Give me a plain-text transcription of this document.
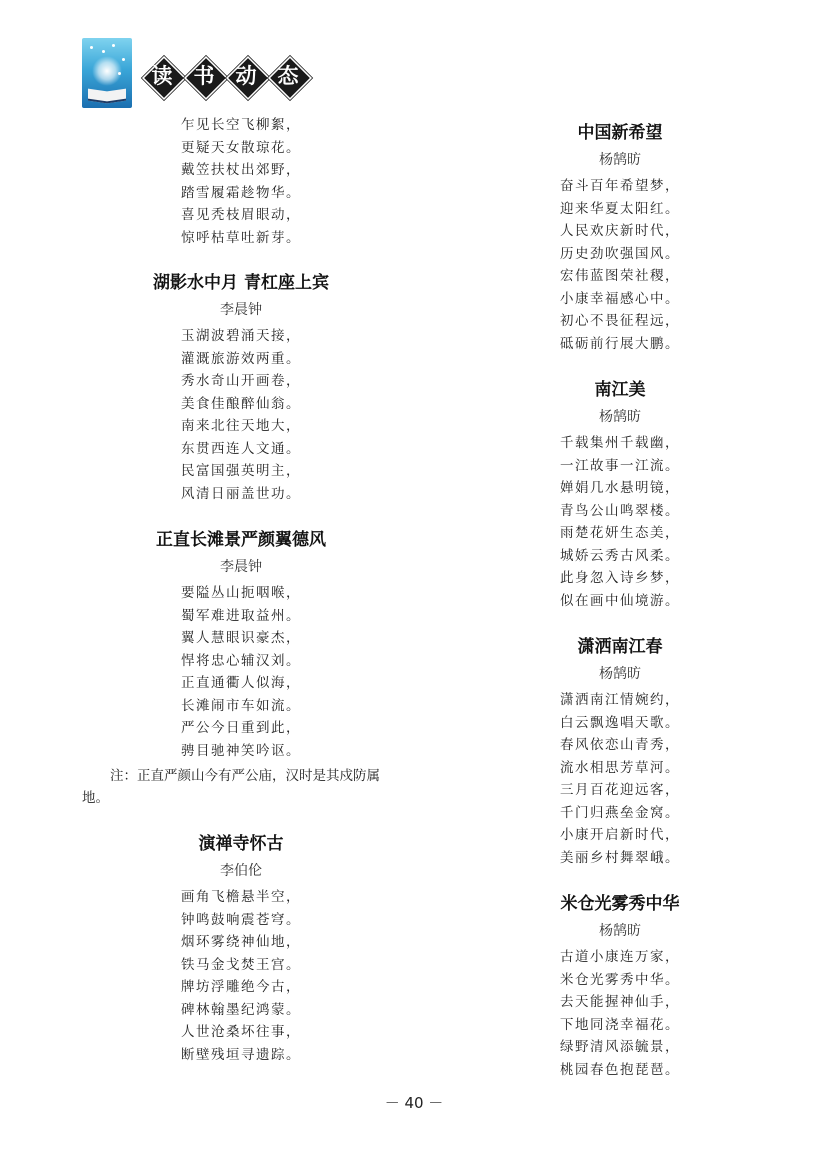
读	书	动	态
乍见长空飞柳絮，
更疑天女散琼花。
戴笠扶杖出郊野，
踏雪履霜趁物华。
喜见秃枝眉眼动，
惊呼枯草吐新芽。
湖影水中月 青杠座上宾
李晨钟
玉湖波碧涌天接，
灌溉旅游效两重。
秀水奇山开画卷，
美食佳酿醉仙翁。
南来北往天地大，
东贯西连人文通。
民富国强英明主，
风清日丽盖世功。
正直长滩景严颜翼德风
李晨钟
要隘丛山扼咽喉，
蜀军难进取益州。
翼人慧眼识豪杰，
悍将忠心辅汉刘。
正直通衢人似海，
长滩闹市车如流。
严公今日重到此，
骋目驰神笑吟讴。

注：正直严颜山今有严公庙，汉时是其戍防属地。

演禅寺怀古
李伯伦
画角飞檐悬半空，
钟鸣鼓响震苍穹。
烟环雾绕神仙地，
铁马金戈焚王宫。
牌坊浮雕绝今古，
碑林翰墨纪鸿蒙。
人世沧桑坏往事，
断壁残垣寻遗踪。
中国新希望
杨鹄昉
奋斗百年希望梦，
迎来华夏太阳红。
人民欢庆新时代，
历史劲吹强国风。
宏伟蓝图荣社稷，
小康幸福感心中。
初心不畏征程远，
砥砺前行展大鹏。
南江美
杨鹄昉
千载集州千载幽，
一江故事一江流。
婵娟几水悬明镜，
青鸟公山鸣翠楼。
雨楚花妍生态美，
城娇云秀古风柔。
此身忽入诗乡梦，
似在画中仙境游。
潇洒南江春
杨鹄昉
潇洒南江情婉约，
白云飘逸唱天歌。
春风依恋山青秀，
流水相思芳草河。
三月百花迎远客，
千门归燕垒金窝。
小康开启新时代，
美丽乡村舞翠峨。
米仓光雾秀中华
杨鹄昉
古道小康连万家，
米仓光雾秀中华。
去天能握神仙手，
下地同浇幸福花。
绿野清风添毓景，
桃园春色抱琵琶。
－ 40 －
